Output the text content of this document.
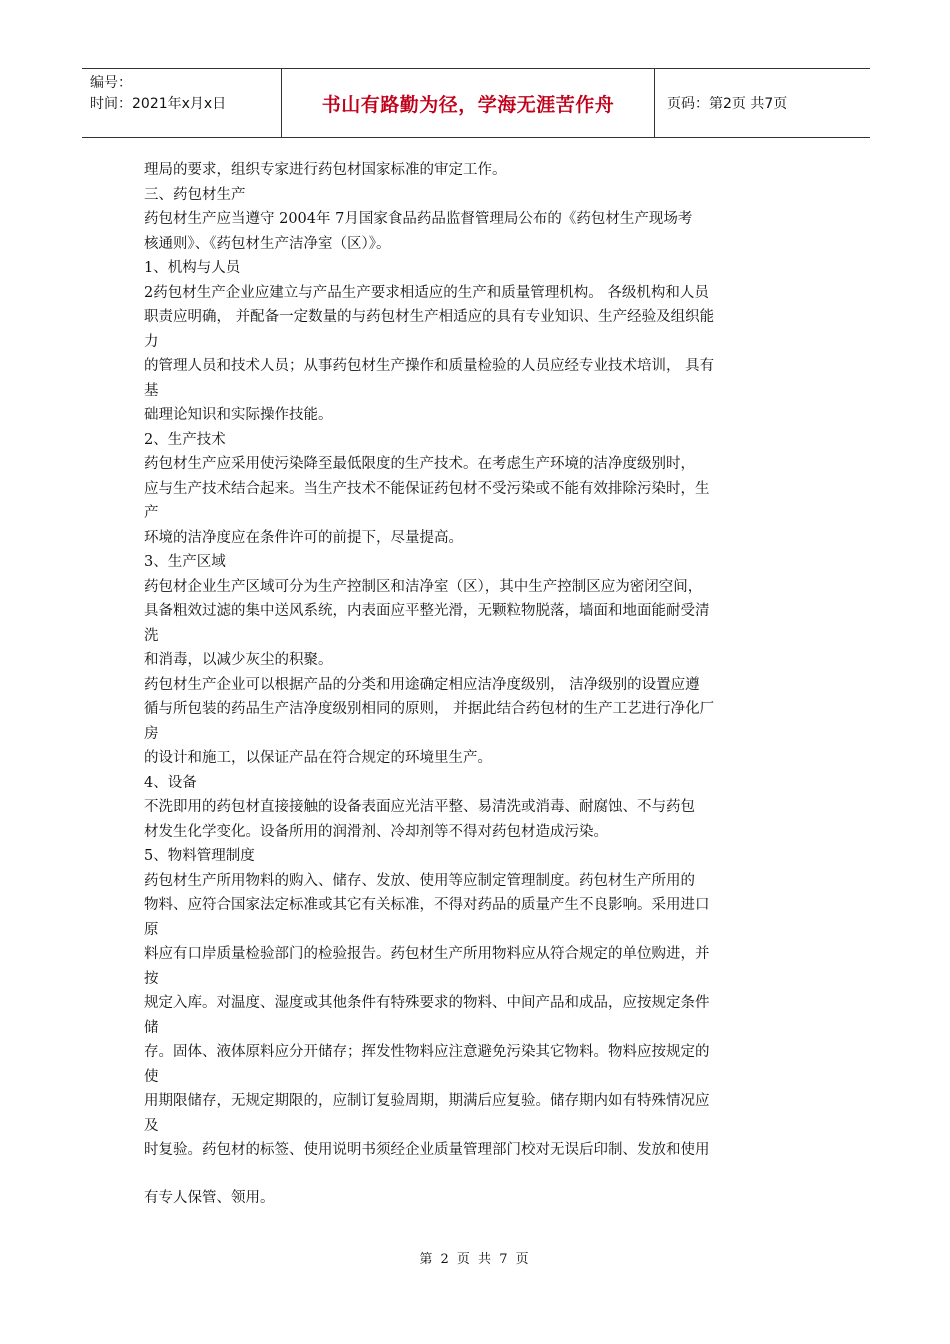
编号：
时间：2021年x月x日	书山有路勤为径，学海无涯苦作舟	页码：第2页 共7页

理局的要求，组织专家进行药包材国家标准的审定工作。

三、药包材生产

药包材生产应当遵守 2004年 7月国家食品药品监督管理局公布的《药包材生产现场考

核通则》、《药包材生产洁净室（区）》。

1、机构与人员

2药包材生产企业应建立与产品生产要求相适应的生产和质量管理机构。 各级机构和人员

职责应明确， 并配备一定数量的与药包材生产相适应的具有专业知识、生产经验及组织能

力

的管理人员和技术人员；从事药包材生产操作和质量检验的人员应经专业技术培训， 具有

基

础理论知识和实际操作技能。

2、生产技术

药包材生产应采用使污染降至最低限度的生产技术。在考虑生产环境的洁净度级别时，

应与生产技术结合起来。当生产技术不能保证药包材不受污染或不能有效排除污染时，生

产

环境的洁净度应在条件许可的前提下，尽量提高。

3、生产区域

药包材企业生产区域可分为生产控制区和洁净室（区），其中生产控制区应为密闭空间，

具备粗效过滤的集中送风系统，内表面应平整光滑，无颗粒物脱落，墙面和地面能耐受清

洗

和消毒，以减少灰尘的积聚。

药包材生产企业可以根据产品的分类和用途确定相应洁净度级别， 洁净级别的设置应遵

循与所包装的药品生产洁净度级别相同的原则， 并据此结合药包材的生产工艺进行净化厂

房

的设计和施工，以保证产品在符合规定的环境里生产。

4、设备

不洗即用的药包材直接接触的设备表面应光洁平整、易清洗或消毒、耐腐蚀、不与药包

材发生化学变化。设备所用的润滑剂、冷却剂等不得对药包材造成污染。

5、物料管理制度

药包材生产所用物料的购入、储存、发放、使用等应制定管理制度。药包材生产所用的

物料、应符合国家法定标准或其它有关标准，不得对药品的质量产生不良影响。采用进口

原

料应有口岸质量检验部门的检验报告。药包材生产所用物料应从符合规定的单位购进，并

按

规定入库。对温度、湿度或其他条件有特殊要求的物料、中间产品和成品，应按规定条件

储

存。固体、液体原料应分开储存；挥发性物料应注意避免污染其它物料。物料应按规定的

使

用期限储存，无规定期限的，应制订复验周期，期满后应复验。储存期内如有特殊情况应

及

时复验。药包材的标签、使用说明书须经企业质量管理部门校对无误后印制、发放和使用

有专人保管、领用。

第 2 页 共 7 页
